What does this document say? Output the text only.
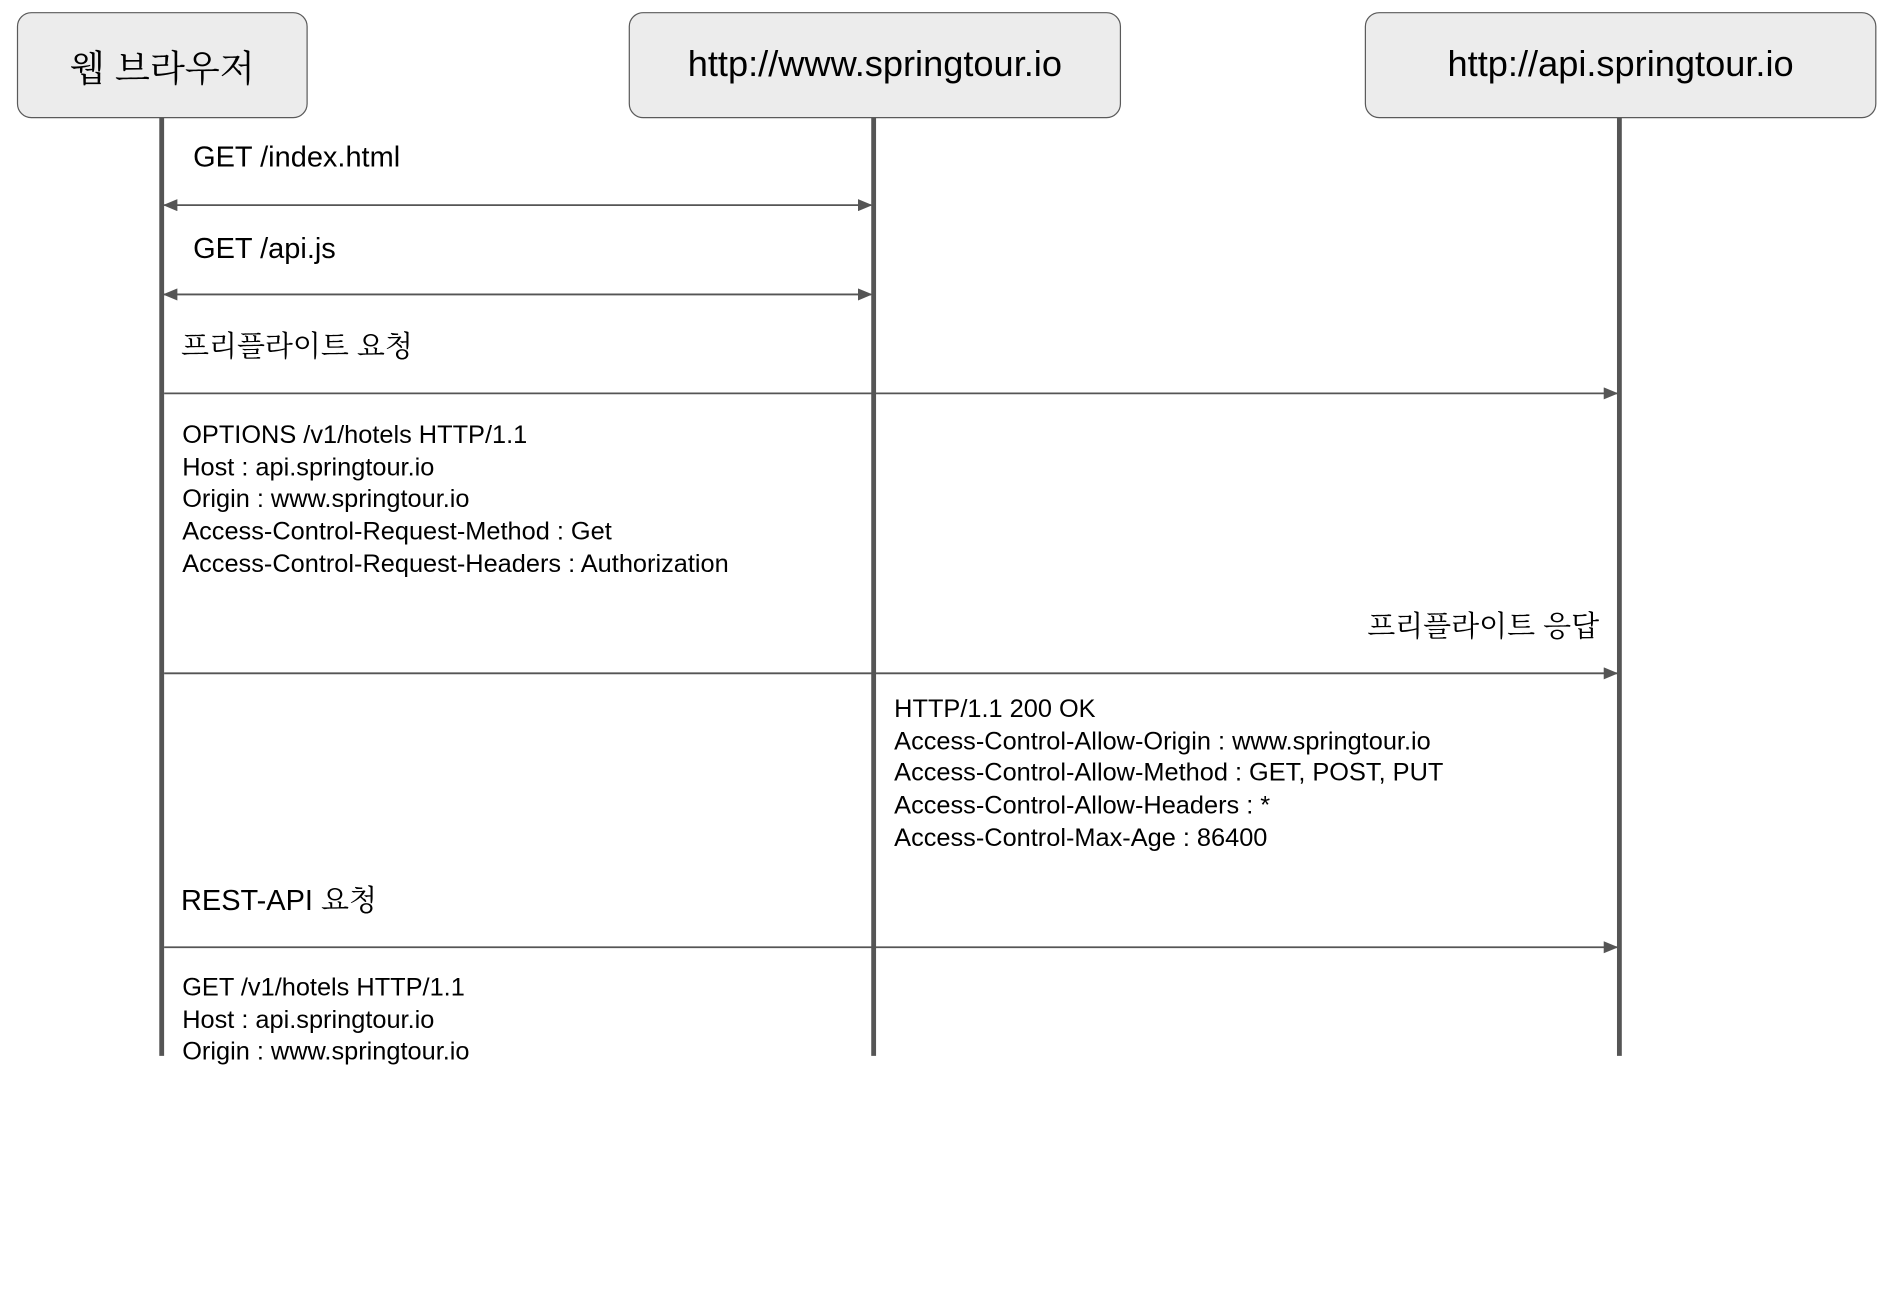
웹 브라우저	http://www.springtour.io	http://api.springtour.io
GET /index.html
GET /api.js
프리플라이트 요청
프리플라이트 응답
REST-API 요청
OPTIONS /v1/hotels HTTP/1.1
Host : api.springtour.io
Origin : www.springtour.io
Access-Control-Request-Method : Get
Access-Control-Request-Headers : Authorization
HTTP/1.1 200 OK
Access-Control-Allow-Origin : www.springtour.io
Access-Control-Allow-Method : GET, POST, PUT
Access-Control-Allow-Headers : *
Access-Control-Max-Age : 86400
GET /v1/hotels HTTP/1.1
Host : api.springtour.io
Origin : www.springtour.io
